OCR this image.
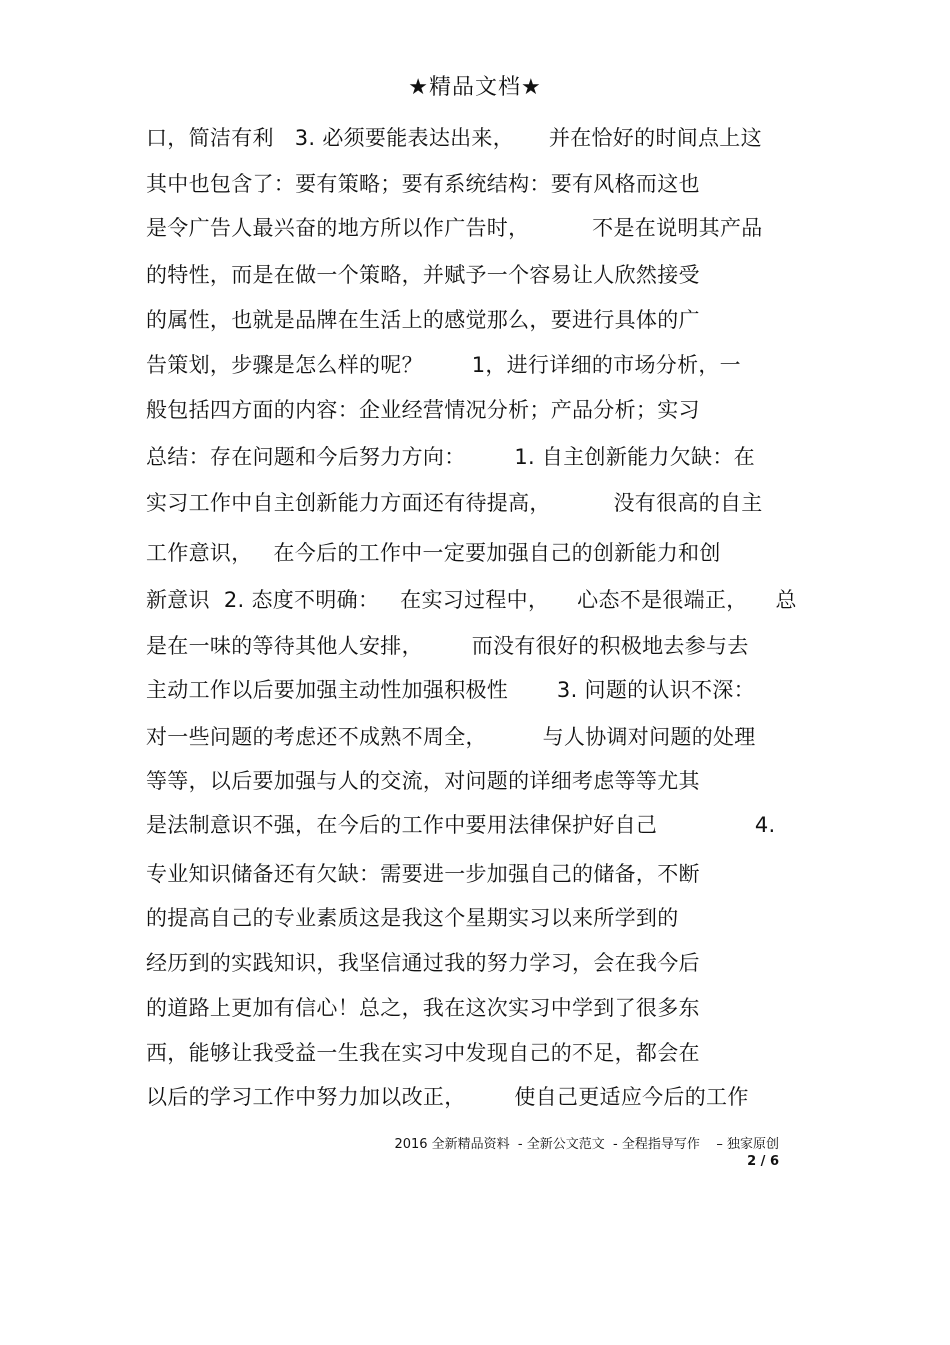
★精品文档★
口，简洁有利   3. 必须要能表达出来，     并在恰好的时间点上这
其中也包含了：要有策略；要有系统结构：要有风格而这也
是令广告人最兴奋的地方所以作广告时，         不是在说明其产品
的特性，而是在做一个策略，并赋予一个容易让人欣然接受
的属性，也就是品牌在生活上的感觉那么，要进行具体的广
告策划，步骤是怎么样的呢？       1，进行详细的市场分析，一
般包括四方面的内容：企业经营情况分析；产品分析；实习
总结：存在问题和今后努力方向：       1. 自主创新能力欠缺：在
实习工作中自主创新能力方面还有待提高，         没有很高的自主
工作意识，   在今后的工作中一定要加强自己的创新能力和创
新意识  2. 态度不明确：   在实习过程中，    心态不是很端正，    总
是在一味的等待其他人安排，       而没有很好的积极地去参与去
主动工作以后要加强主动性加强积极性       3. 问题的认识不深：
对一些问题的考虑还不成熟不周全，        与人协调对问题的处理
等等，以后要加强与人的交流，对问题的详细考虑等等尤其
是法制意识不强，在今后的工作中要用法律保护好自己              4.
专业知识储备还有欠缺：需要进一步加强自己的储备，不断
的提高自己的专业素质这是我这个星期实习以来所学到的
经历到的实践知识，我坚信通过我的努力学习，会在我今后
的道路上更加有信心！总之，我在这次实习中学到了很多东
西，能够让我受益一生我在实习中发现自己的不足，都会在
以后的学习工作中努力加以改正，       使自己更适应今后的工作
2016 全新精品资料  - 全新公文范文  - 全程指导写作    – 独家原创
2 / 6
